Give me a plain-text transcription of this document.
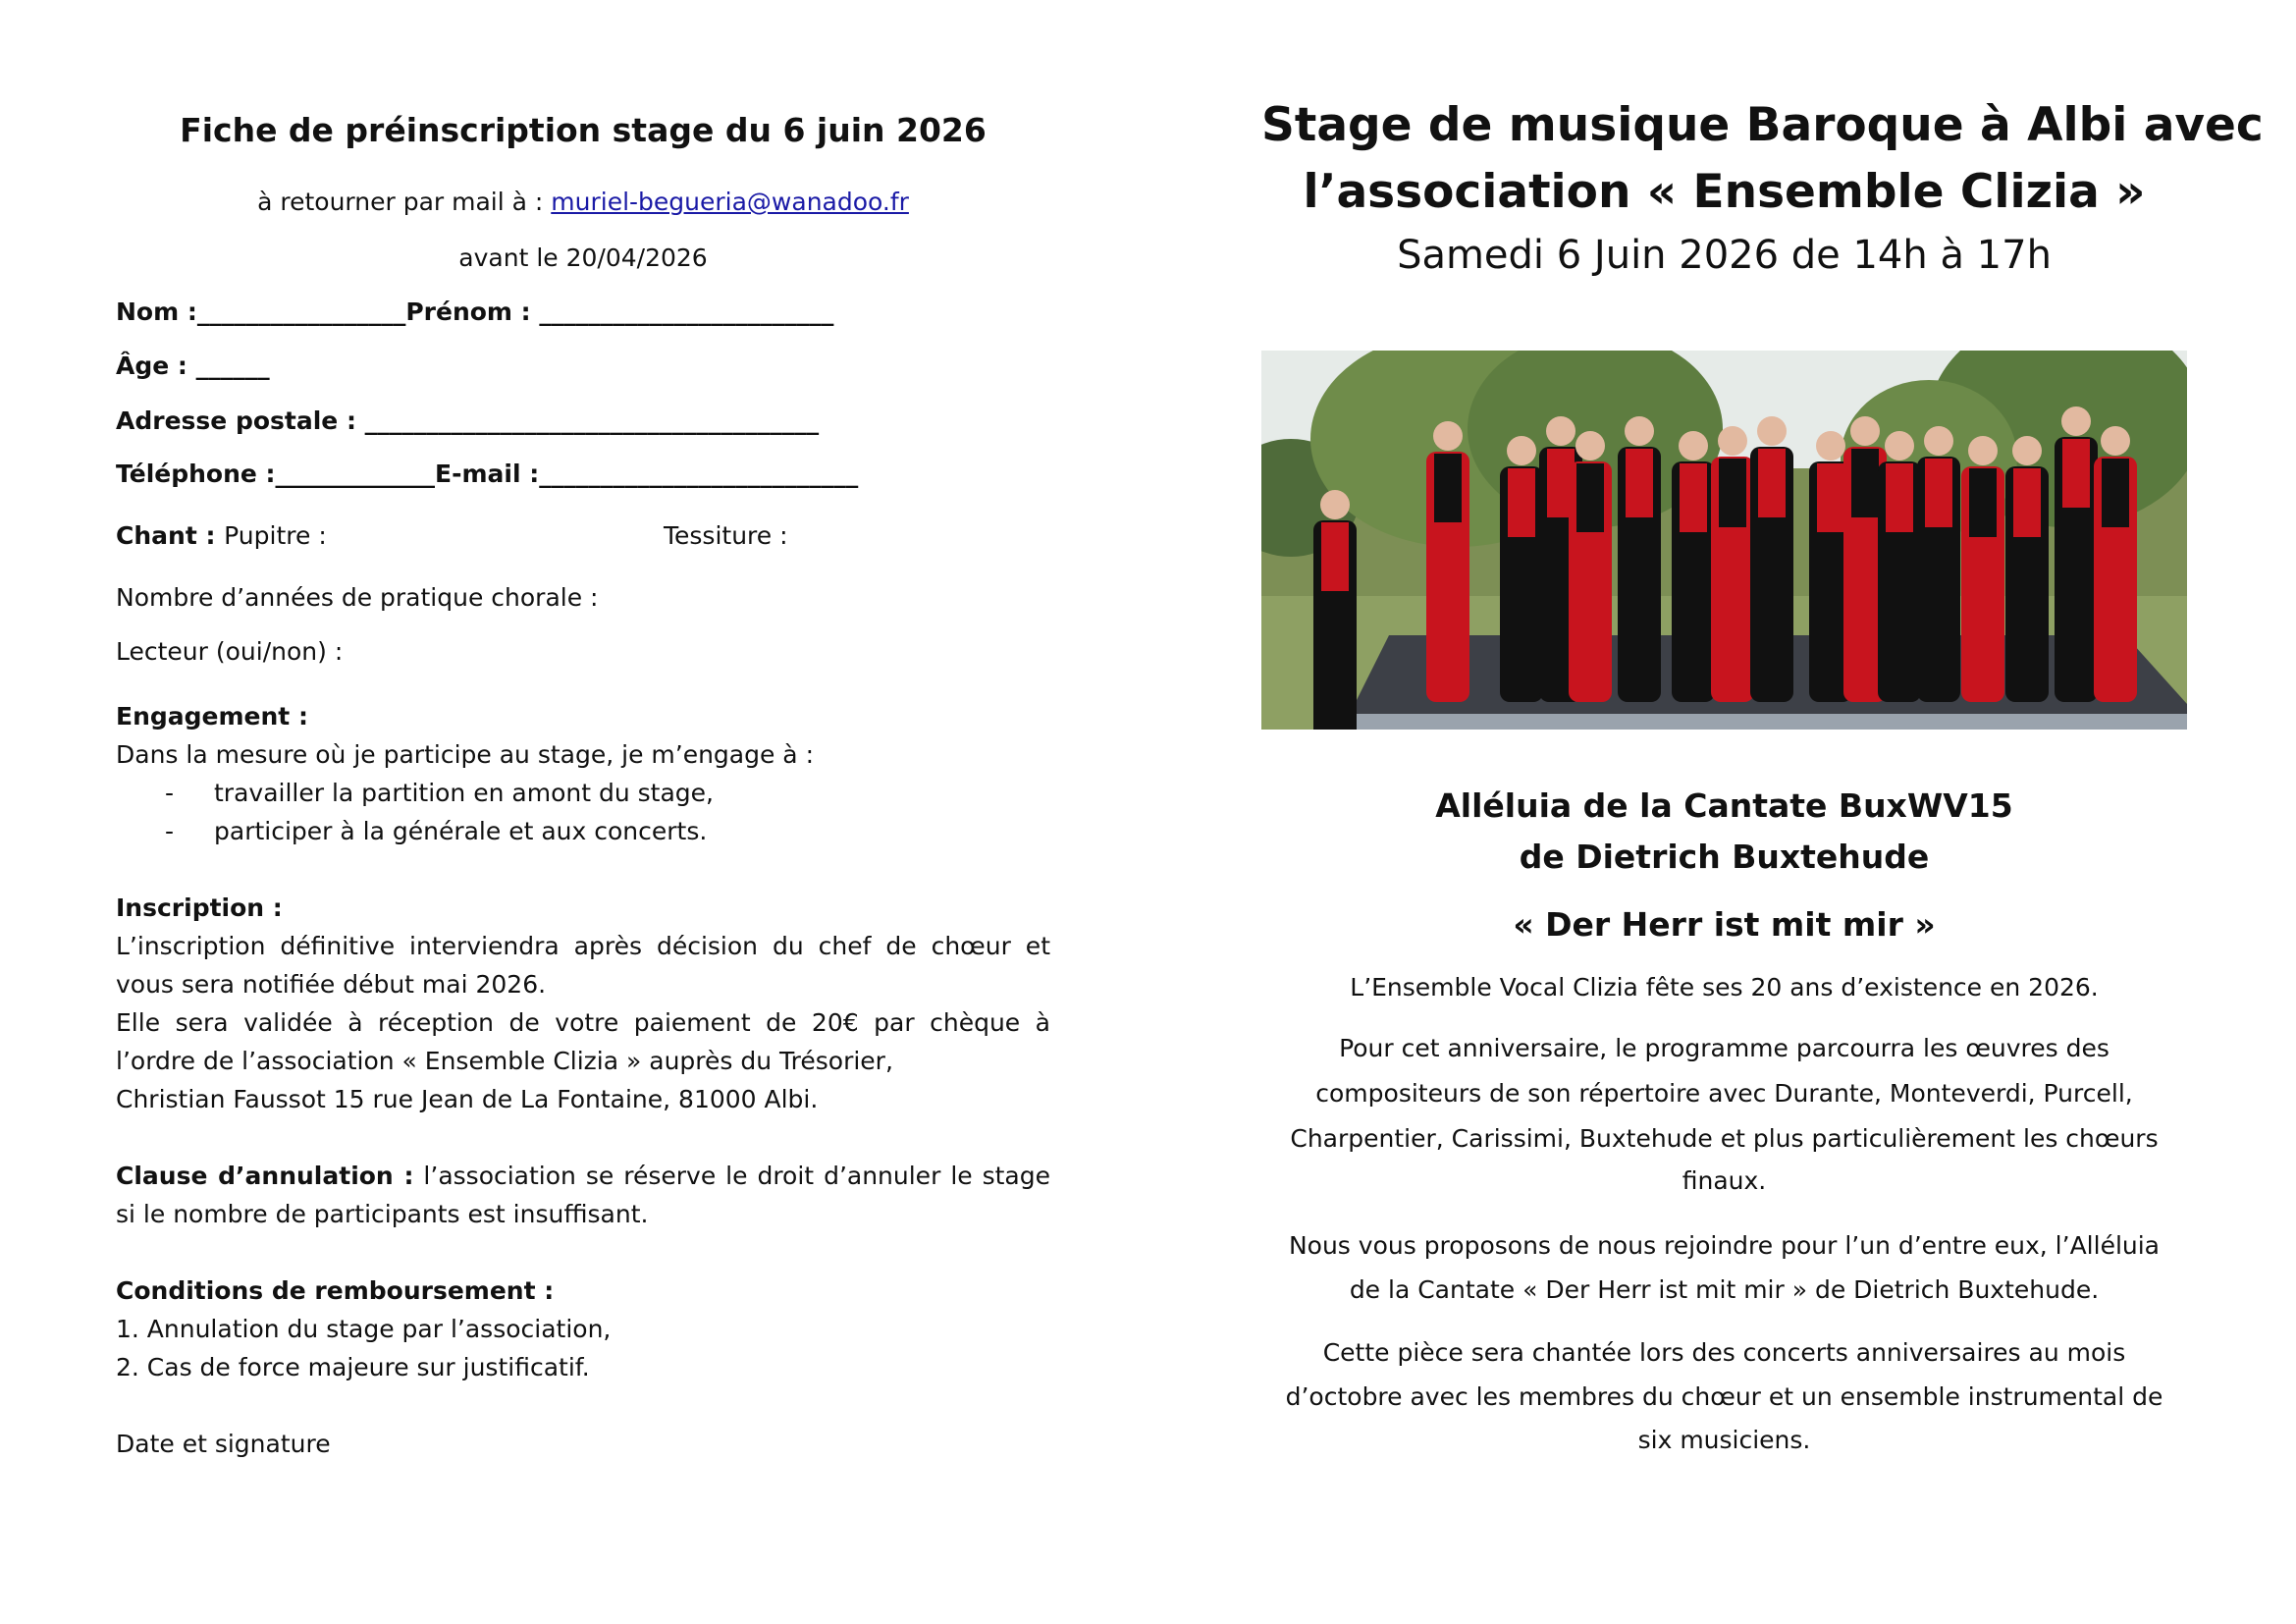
Fiche de préinscription stage du 6 juin 2026
à retourner par mail à : muriel-begueria@wanadoo.fr
avant le 20/04/2026
Nom :_________________Prénom : ________________________
Âge : ______
Adresse postale : _____________________________________
Téléphone :_____________E-mail :__________________________
Chant : Pupitre :	Tessiture :
Nombre d’années de pratique chorale :
Lecteur (oui/non) :
Engagement :
Dans la mesure où je participe au stage, je m’engage à :
- travailler la partition en amont du stage,
- participer à la générale et aux concerts.
Inscription :
L’inscription définitive interviendra après décision du chef de chœur et
vous sera notifiée début mai 2026.
Elle sera validée à réception de votre paiement de 20€ par chèque à
l’ordre de l’association « Ensemble Clizia » auprès du Trésorier,
Christian Faussot 15 rue Jean de La Fontaine, 81000 Albi.
Clause d’annulation : l’association se réserve le droit d’annuler le stage
si le nombre de participants est insuffisant.
Conditions de remboursement :
1. Annulation du stage par l’association,
2. Cas de force majeure sur justificatif.
Date et signature
Stage de musique Baroque à Albi avec
l’association « Ensemble Clizia »
Samedi 6 Juin 2026 de 14h à 17h
Alléluia de la Cantate BuxWV15
de Dietrich Buxtehude
« Der Herr ist mit mir »
L’Ensemble Vocal Clizia fête ses 20 ans d’existence en 2026.
Pour cet anniversaire, le programme parcourra les œuvres des
compositeurs de son répertoire avec Durante, Monteverdi, Purcell,
Charpentier, Carissimi, Buxtehude et plus particulièrement les chœurs
finaux.
Nous vous proposons de nous rejoindre pour l’un d’entre eux, l’Alléluia
de la Cantate « Der Herr ist mit mir » de Dietrich Buxtehude.
Cette pièce sera chantée lors des concerts anniversaires au mois
d’octobre avec les membres du chœur et un ensemble instrumental de
six musiciens.
